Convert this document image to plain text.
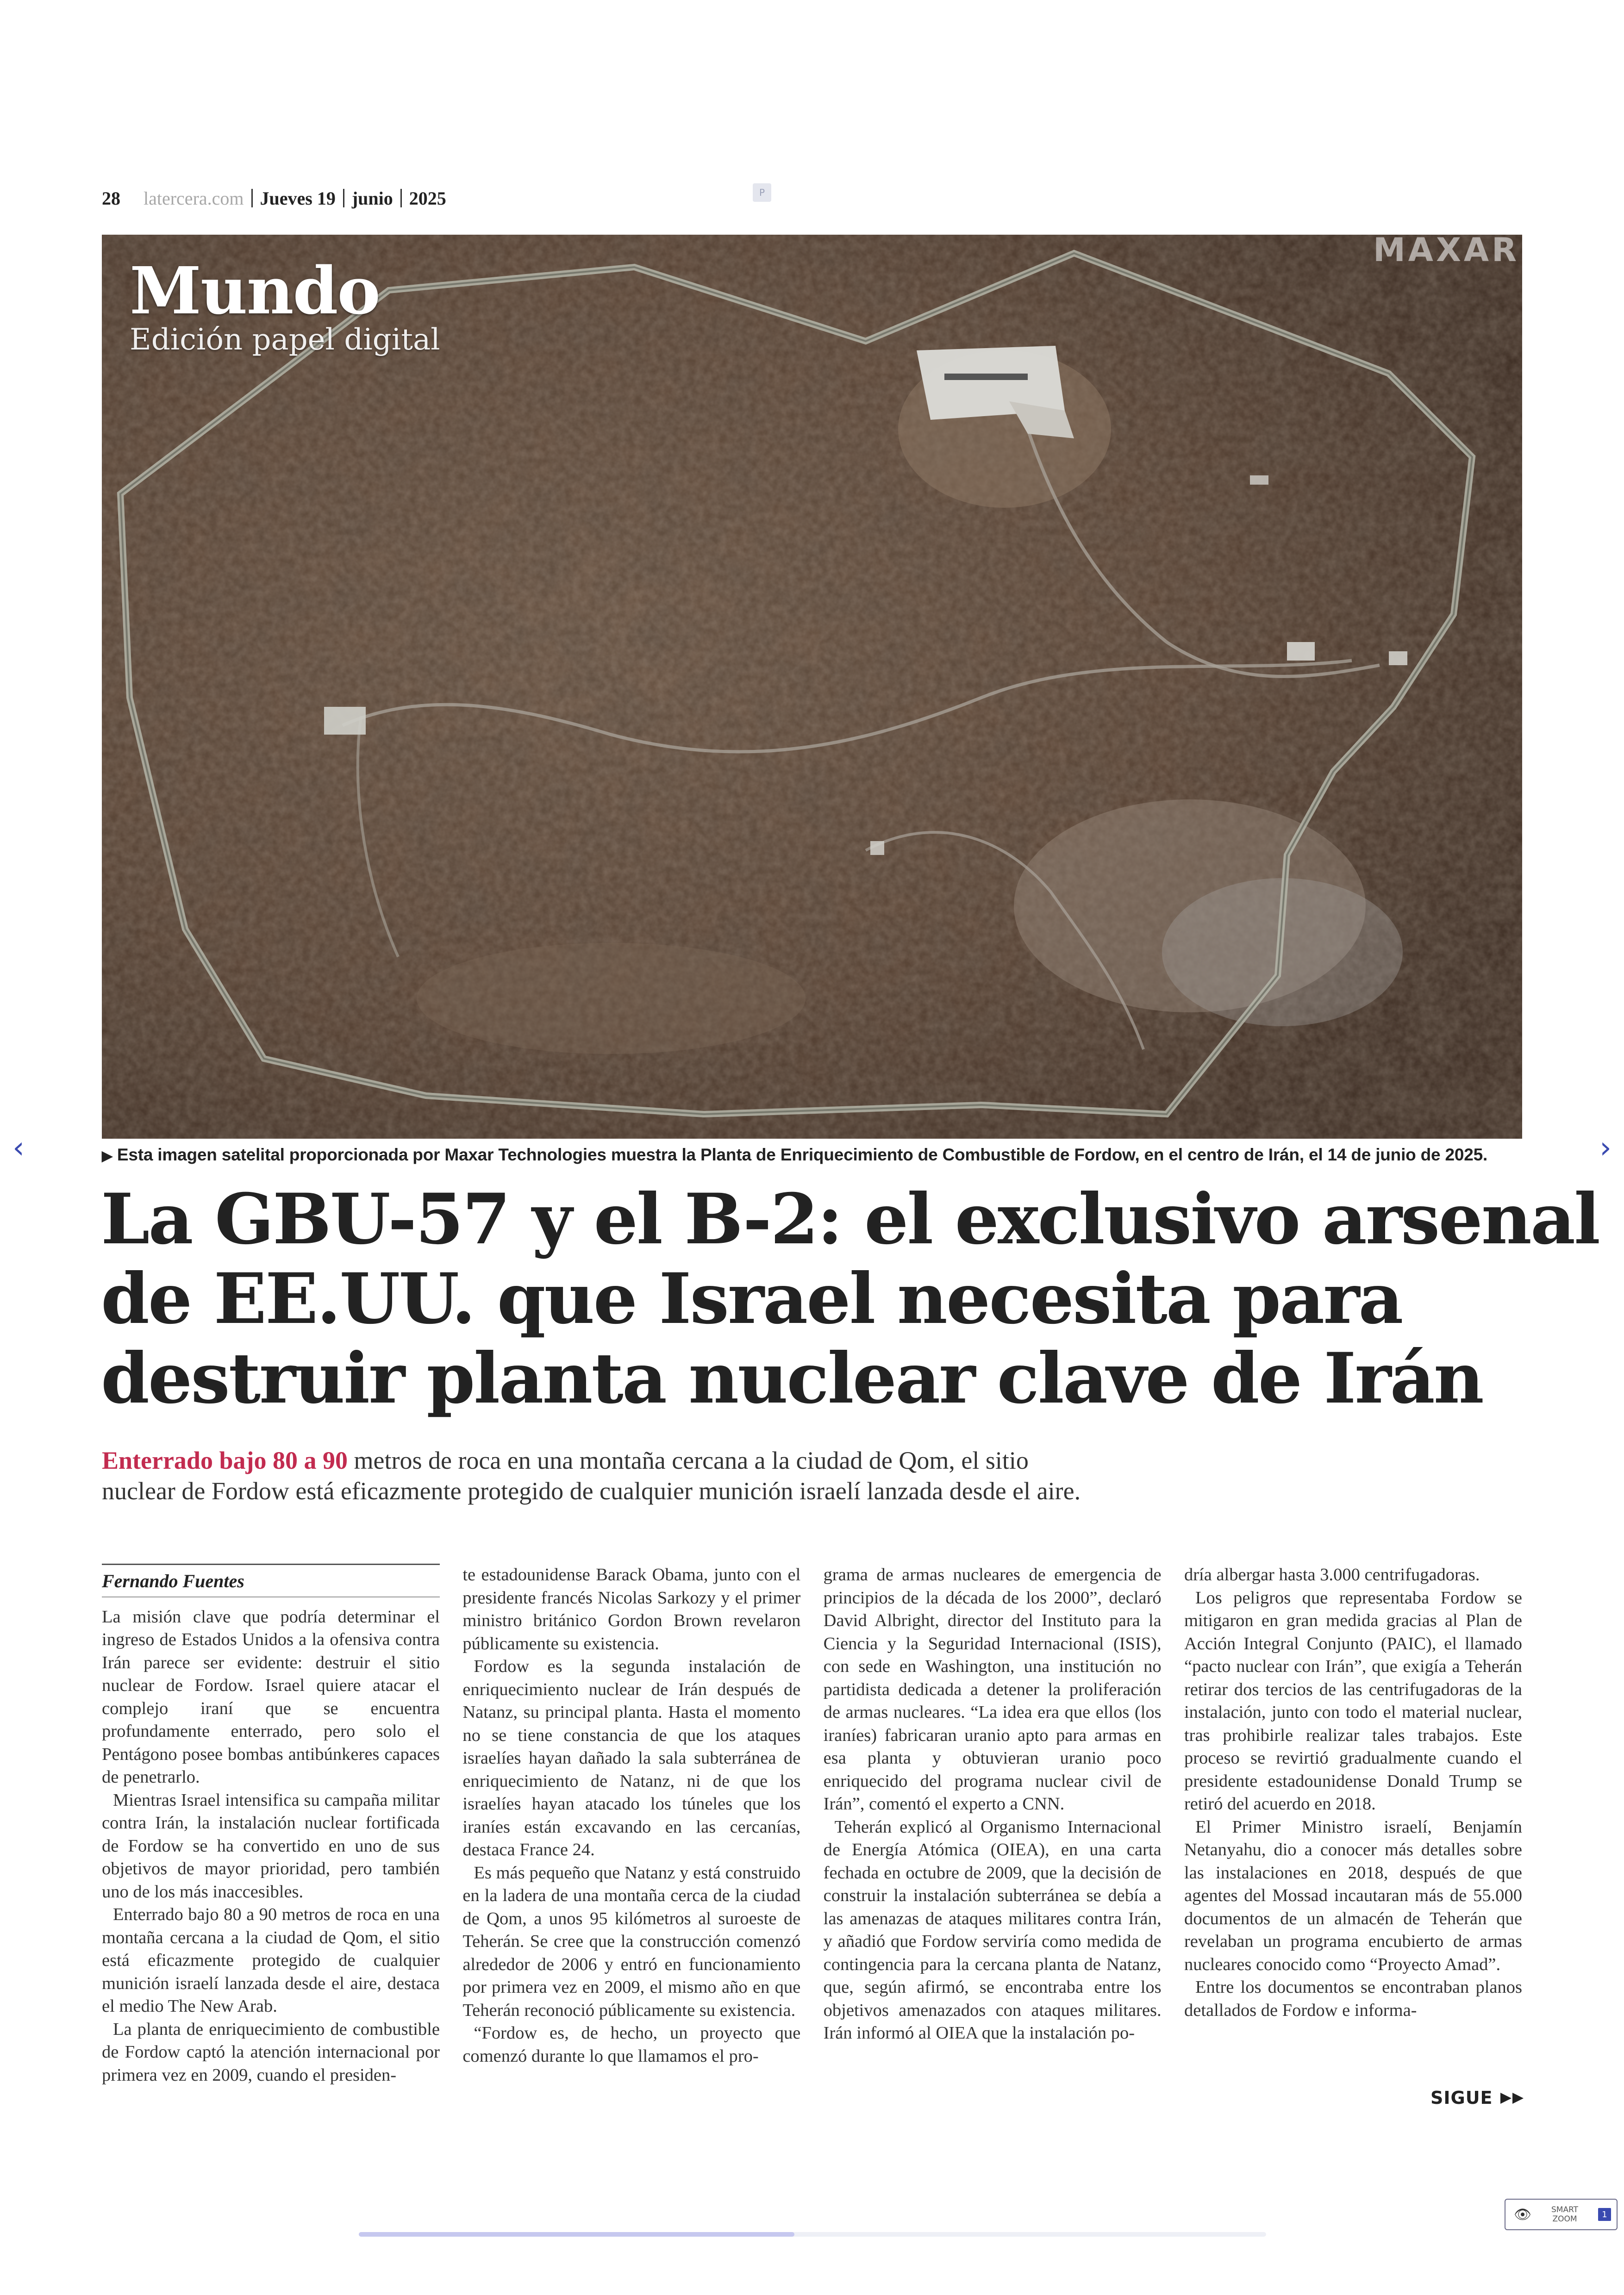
28 latercera.com Jueves 19 junio 2025	P
Mundo
Edición papel digital
MAXAR
‹	›
▶ Esta imagen satelital proporcionada por Maxar Technologies muestra la Planta de Enriquecimiento de Combustible de Fordow, en el centro de Irán, el 14 de junio de 2025.
La GBU-57 y el B-2: el exclusivo arsenal
de EE.UU. que Israel necesita para
destruir planta nuclear clave de Irán
Enterrado bajo 80 a 90 metros de roca en una montaña cercana a la ciudad de Qom, el sitio
nuclear de Fordow está eficazmente protegido de cualquier munición israelí lanzada desde el aire.
Fernando Fuentes

La misión clave que podría determinar el ingreso de Estados Unidos a la ofensiva contra Irán parece ser evidente: destruir el sitio nuclear de Fordow. Israel quiere atacar el complejo iraní que se encuentra profundamente enterrado, pero solo el Pentágono posee bombas antibúnkeres capaces de penetrarlo.

Mientras Israel intensifica su campaña militar contra Irán, la instalación nuclear fortificada de Fordow se ha convertido en uno de sus objetivos de mayor prioridad, pero también uno de los más inaccesibles.

Enterrado bajo 80 a 90 metros de roca en una montaña cercana a la ciudad de Qom, el sitio está eficazmente protegido de cualquier munición israelí lanzada desde el aire, destaca el medio The New Arab.

La planta de enriquecimiento de combustible de Fordow captó la atención internacional por primera vez en 2009, cuando el presiden-

te estadounidense Barack Obama, junto con el presidente francés Nicolas Sarkozy y el primer ministro británico Gordon Brown revelaron públicamente su existencia.

Fordow es la segunda instalación de enriquecimiento nuclear de Irán después de Natanz, su principal planta. Hasta el momento no se tiene constancia de que los ataques israelíes hayan dañado la sala subterránea de enriquecimiento de Natanz, ni de que los israelíes hayan atacado los túneles que los iraníes están excavando en las cercanías, destaca France 24.

Es más pequeño que Natanz y está construido en la ladera de una montaña cerca de la ciudad de Qom, a unos 95 kilómetros al suroeste de Teherán. Se cree que la construcción comenzó alrededor de 2006 y entró en funcionamiento por primera vez en 2009, el mismo año en que Teherán reconoció públicamente su existencia.

“Fordow es, de hecho, un proyecto que comenzó durante lo que llamamos el pro-

grama de armas nucleares de emergencia de principios de la década de los 2000”, declaró David Albright, director del Instituto para la Ciencia y la Seguridad Internacional (ISIS), con sede en Washington, una institución no partidista dedicada a detener la proliferación de armas nucleares. “La idea era que ellos (los iraníes) fabricaran uranio apto para armas en esa planta y obtuvieran uranio poco enriquecido del programa nuclear civil de Irán”, comentó el experto a CNN.

Teherán explicó al Organismo Internacional de Energía Atómica (OIEA), en una carta fechada en octubre de 2009, que la decisión de construir la instalación subterránea se debía a las amenazas de ataques militares contra Irán, y añadió que Fordow serviría como medida de contingencia para la cercana planta de Natanz, que, según afirmó, se encontraba entre los objetivos amenazados con ataques militares. Irán informó al OIEA que la instalación po-

dría albergar hasta 3.000 centrifugadoras.

Los peligros que representaba Fordow se mitigaron en gran medida gracias al Plan de Acción Integral Conjunto (PAIC), el llamado “pacto nuclear con Irán”, que exigía a Teherán retirar dos tercios de las centrifugadoras de la instalación, junto con todo el material nuclear, tras prohibirle realizar tales trabajos. Este proceso se revirtió gradualmente cuando el presidente estadounidense Donald Trump se retiró del acuerdo en 2018.

El Primer Ministro israelí, Benjamín Netanyahu, dio a conocer más detalles sobre las instalaciones en 2018, después de que agentes del Mossad incautaran más de 55.000 documentos de un almacén de Teherán que revelaban un programa encubierto de armas nucleares conocido como “Proyecto Amad”.

Entre los documentos se encontraban planos detallados de Fordow e informa-

SIGUE
👁	SMART
ZOOM	1
